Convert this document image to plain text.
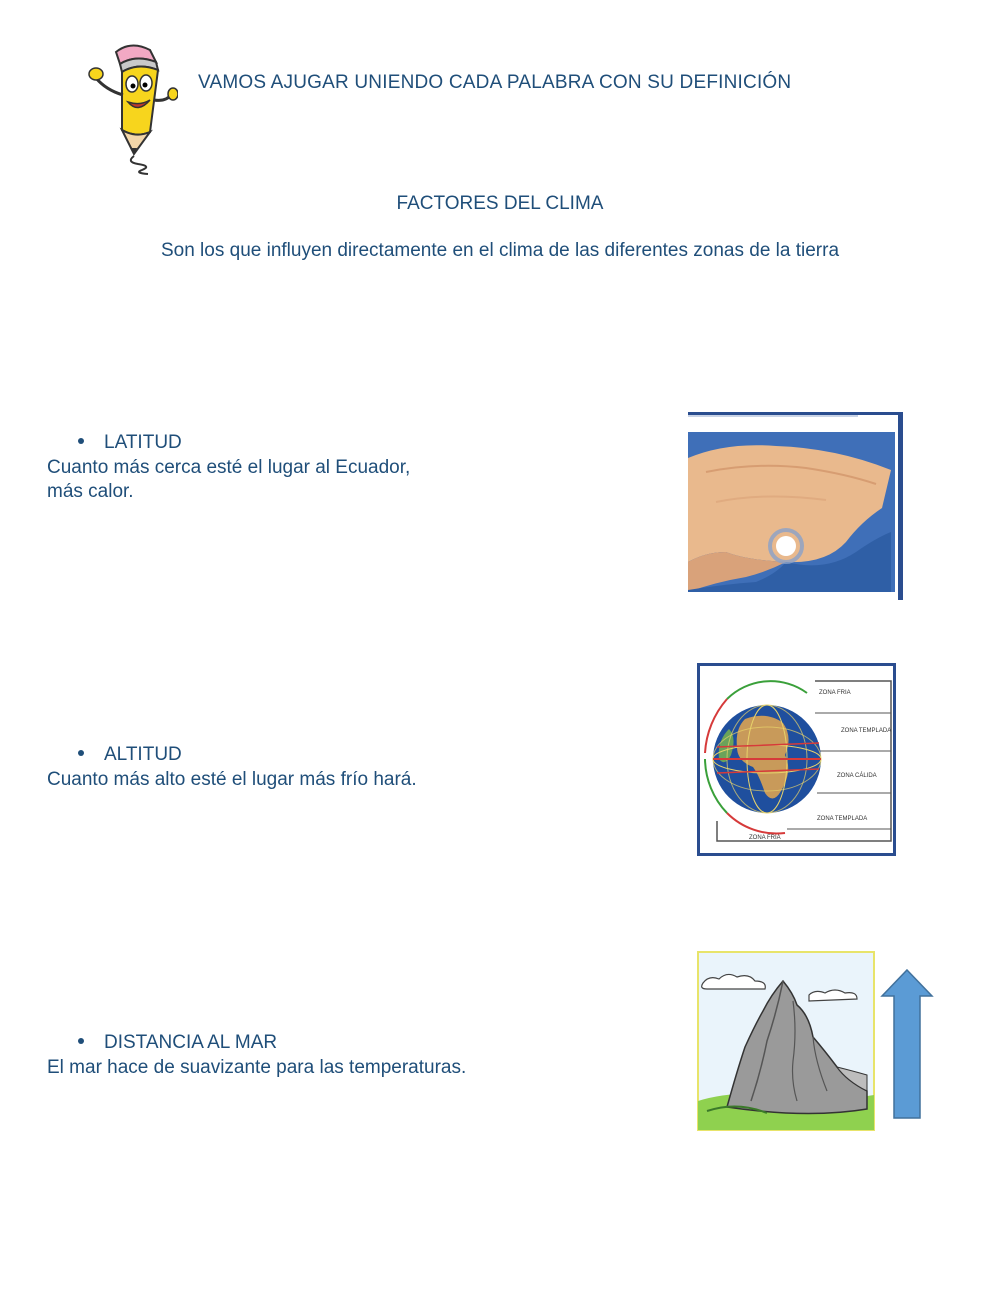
VAMOS AJUGAR UNIENDO CADA PALABRA CON SU DEFINICIÓN
FACTORES DEL CLIMA
Son los que influyen directamente en el clima de las diferentes zonas de la tierra
LATITUD
Cuanto más cerca esté el lugar al Ecuador,
más calor.
ALTITUD
Cuanto más alto esté el lugar más frío hará.
ZONA FRIA
ZONA TEMPLADA
ZONA CÁLIDA
ZONA TEMPLADA
ZONA FRIA
DISTANCIA AL MAR
El mar hace de suavizante para las temperaturas.
